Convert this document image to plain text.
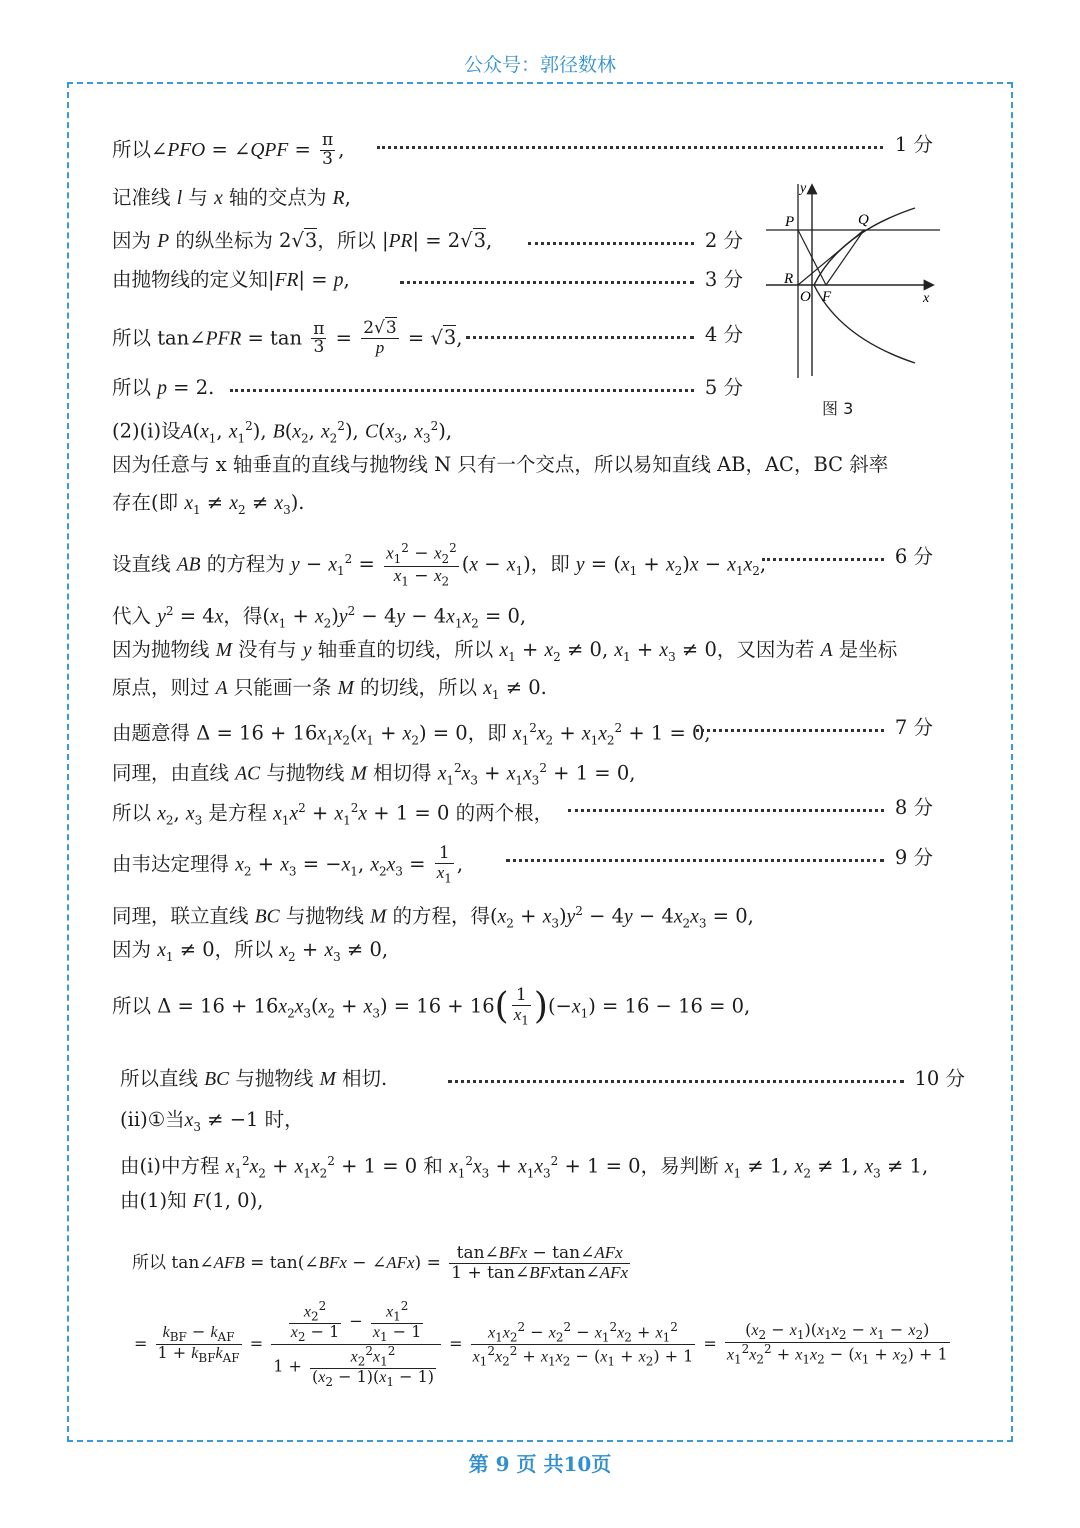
公众号：郭径数林
所以∠PFO = ∠QPF = $\frac{\pi}{3}$ ,	1 分
记准线 l 与 x 轴的交点为 R,
因为 P 的纵坐标为 2√3，所以 |PR| = 2√3,	2 分
由抛物线的定义知|FR| = p,	3 分
所以 tan∠PFR = $\tan \frac{\pi}{3} = \frac{2√3}{p} = √3$,	4 分
所以 p = 2.	5 分
y
x
P	Q
R
O F
图 3
(2)(i)设$A(x_1$, $x_1^2$), $B(x_2$, $x_2^2$), $C(x_3$, $x_3^2$),
因为任意与 x 轴垂直的直线与抛物线 N 只有一个交点，所以易知直线 AB，AC，BC 斜率
存在(即 $x_1 \ne x_2 \ne x_3$).
设直线 AB 的方程为 $y - x_1^2 = \frac{x_1^2 - x_2^2}{x_1 - x_2} (x - x_1)$，即 $y = (x_1 + x_2)x - x_1x_2$,	6 分
代入 $y^2 = 4x$，得$(x_1 + x_2)y^2 - 4y - 4x_1x_2 = 0$,
因为抛物线 M 没有与 y 轴垂直的切线，所以 $x_1 + x_2 \ne 0$, $x_1 + x_3 \ne 0$，又因为若 A 是坐标
原点，则过 A 只能画一条 M 的切线，所以 $x_1 \ne 0$.
由题意得 $\Delta = 16 + 16x_1x_2(x_1 + x_2) = 0$，即 $x_1^2x_2 + x_1x_2^2 + 1 = 0$,	7 分
同理，由直线 AC 与抛物线 M 相切得 $x_1^2x_3 + x_1x_3^2 + 1 = 0$,
所以 $x_2$, $x_3$ 是方程 $x_1x^2 + x_1^2x + 1 = 0$ 的两个根，	8 分
由韦达定理得 $x_2 + x_3 = -x_1$, $x_2x_3 = \frac{1}{x_1}$ ,	9 分
同理，联立直线 BC 与抛物线 M 的方程，得$(x_2 + x_3)y^2 - 4y - 4x_2x_3 = 0$,
因为 $x_1 \ne 0$，所以 $x_2 + x_3 \ne 0$,
所以 $\Delta = 16 + 16x_2x_3(x_2 + x_3) = 16 + 16( \frac{1}{x_1} )(-x_1) = 16 - 16 = 0$,
所以直线 BC 与抛物线 M 相切.	10 分
(ii)①当$x_3 \ne -1$ 时，
由(i)中方程 $x_1^2x_2 + x_1x_2^2 + 1 = 0$ 和 $x_1^2x_3 + x_1x_3^2 + 1 = 0$，易判断 $x_1 \ne 1$, $x_2 \ne 1$, $x_3 \ne 1$,
由(1)知 F(1, 0),
所以 tan∠AFB = tan(∠BFx − ∠AFx) = $\frac{\text{tan∠BFx − tan∠AFx}}{\text{1 + tan∠BFxtan∠AFx}}$
= $\frac{k_{BF} - k_{AF}}{1 + k_{BF}k_{AF}} = \frac{\frac{x_2^2}{x_2 - 1} - \frac{x_1^2}{x_1 - 1}}{1 + \frac{x_2^2x_1^2}{(x_2 - 1)(x_1 - 1)}} = \frac{x_1x_2^2 - x_2^2 - x_1^2x_2 + x_1^2}{x_1^2x_2^2 + x_1x_2 - (x_1 + x_2) + 1} = \frac{(x_2 - x_1)(x_1x_2 - x_1 - x_2)}{x_1^2x_2^2 + x_1x_2 - (x_1 + x_2) + 1}$
第 9 页 共10页
